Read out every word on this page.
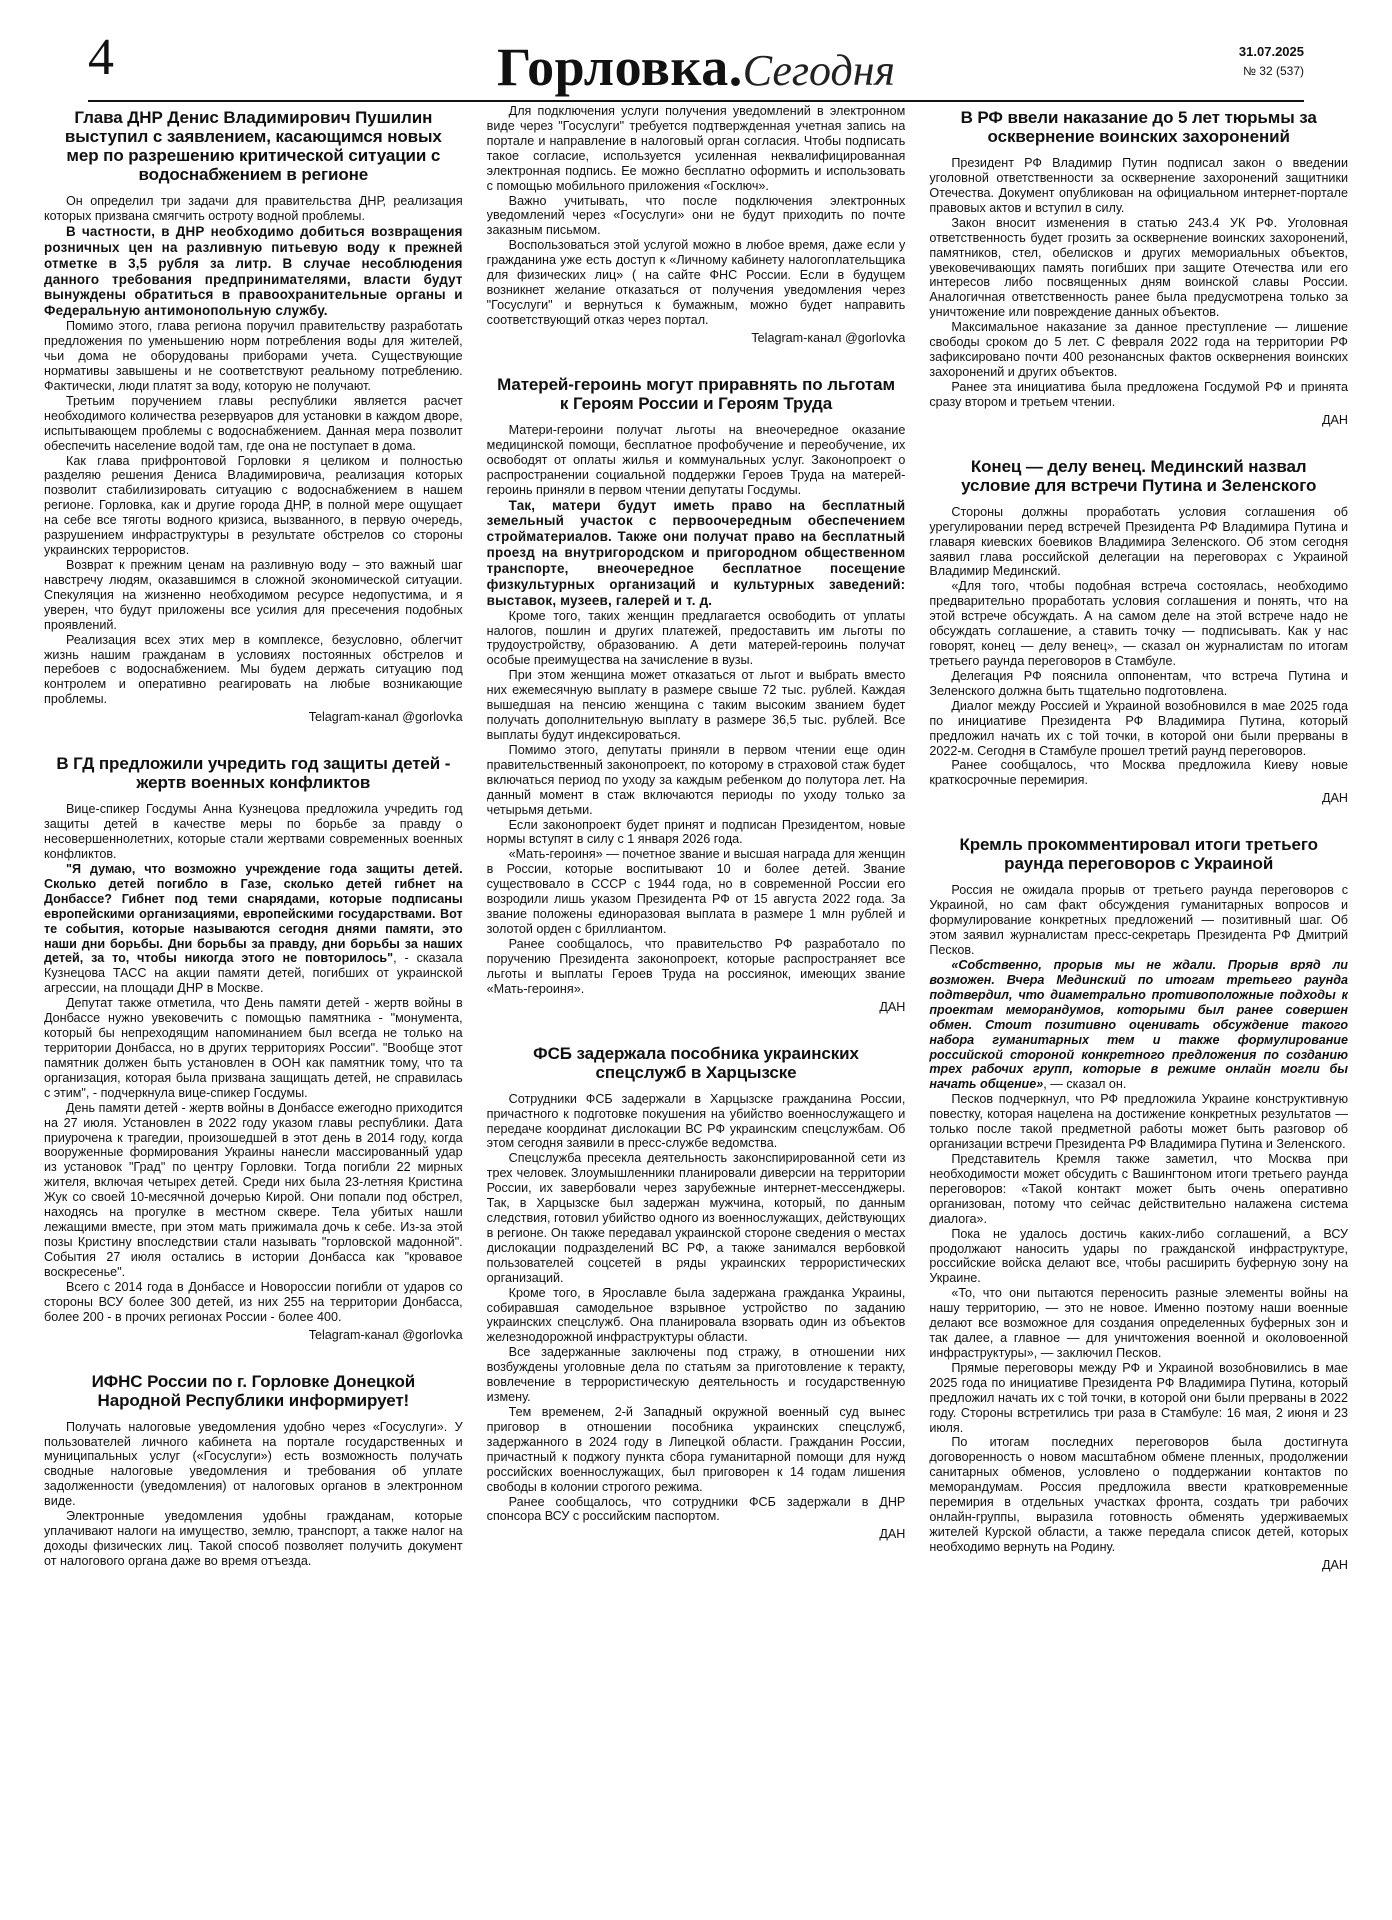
4	Горловка.Сегодня	31.07.2025
№ 32 (537)
Глава ДНР Денис Владимирович Пушилин выступил с заявлением, касающимся новых мер по разрешению критической ситуации с водоснабжением в регионе

Он определил три задачи для правительства ДНР, реализация которых призвана смягчить остроту водной проблемы.

В частности, в ДНР необходимо добиться возвращения розничных цен на разливную питьевую воду к прежней отметке в 3,5 рубля за литр. В случае несоблюдения данного требования предпринимателями, власти будут вынуждены обратиться в правоохранительные органы и Федеральную антимонопольную службу.

Помимо этого, глава региона поручил правительству разработать предложения по уменьшению норм потребления воды для жителей, чьи дома не оборудованы приборами учета. Существующие нормативы завышены и не соответствуют реальному потреблению. Фактически, люди платят за воду, которую не получают.

Третьим поручением главы республики является расчет необходимого количества резервуаров для установки в каждом дворе, испытывающем проблемы с водоснабжением. Данная мера позволит обеспечить население водой там, где она не поступает в дома.

Как глава прифронтовой Горловки я целиком и полностью разделяю решения Дениса Владимировича, реализация которых позволит стабилизировать ситуацию с водоснабжением в нашем регионе. Горловка, как и другие города ДНР, в полной мере ощущает на себе все тяготы водного кризиса, вызванного, в первую очередь, разрушением инфраструктуры в результате обстрелов со стороны украинских террористов.

Возврат к прежним ценам на разливную воду – это важный шаг навстречу людям, оказавшимся в сложной экономической ситуации. Спекуляция на жизненно необходимом ресурсе недопустима, и я уверен, что будут приложены все усилия для пресечения подобных проявлений.

Реализация всех этих мер в комплексе, безусловно, облегчит жизнь нашим гражданам в условиях постоянных обстрелов и перебоев с водоснабжением. Мы будем держать ситуацию под контролем и оперативно реагировать на любые возникающие проблемы.

Telagram-канал @gorlovka
В ГД предложили учредить год защиты детей - жертв военных конфликтов

Вице-спикер Госдумы Анна Кузнецова предложила учредить год защиты детей в качестве меры по борьбе за правду о несовершеннолетних, которые стали жертвами современных военных конфликтов.

"Я думаю, что возможно учреждение года защиты детей. Сколько детей погибло в Газе, сколько детей гибнет на Донбассе? Гибнет под теми снарядами, которые подписаны европейскими организациями, европейскими государствами. Вот те события, которые называются сегодня днями памяти, это наши дни борьбы. Дни борьбы за правду, дни борьбы за наших детей, за то, чтобы никогда этого не повторилось", - сказала Кузнецова ТАСС на акции памяти детей, погибших от украинской агрессии, на площади ДНР в Москве.

Депутат также отметила, что День памяти детей - жертв войны в Донбассе нужно увековечить с помощью памятника - "монумента, который бы непреходящим напоминанием был всегда не только на территории Донбасса, но в других территориях России". "Вообще этот памятник должен быть установлен в ООН как памятник тому, что та организация, которая была призвана защищать детей, не справилась с этим", - подчеркнула вице-спикер Госдумы.

День памяти детей - жертв войны в Донбассе ежегодно приходится на 27 июля. Установлен в 2022 году указом главы республики. Дата приурочена к трагедии, произошедшей в этот день в 2014 году, когда вооруженные формирования Украины нанесли массированный удар из установок "Град" по центру Горловки. Тогда погибли 22 мирных жителя, включая четырех детей. Среди них была 23-летняя Кристина Жук со своей 10-месячной дочерью Кирой. Они попали под обстрел, находясь на прогулке в местном сквере. Тела убитых нашли лежащими вместе, при этом мать прижимала дочь к себе. Из-за этой позы Кристину впоследствии стали называть "горловской мадонной". События 27 июля остались в истории Донбасса как "кровавое воскресенье".

Всего с 2014 года в Донбассе и Новороссии погибли от ударов со стороны ВСУ более 300 детей, из них 255 на территории Донбасса, более 200 - в прочих регионах России - более 400.

Telagram-канал @gorlovka
ИФНС России по г. Горловке Донецкой Народной Республики информирует!

Получать налоговые уведомления удобно через «Госуслуги». У пользователей личного кабинета на портале государственных и муниципальных услуг («Госуслуги») есть возможность получать сводные налоговые уведомления и требования об уплате задолженности (уведомления) от налоговых органов в электронном виде.

Электронные уведомления удобны гражданам, которые уплачивают налоги на имущество, землю, транспорт, а также налог на доходы физических лиц. Такой способ позволяет получить документ от налогового органа даже во время отъезда.

Для подключения услуги получения уведомлений в электронном виде через "Госуслуги" требуется подтвержденная учетная запись на портале и направление в налоговый орган согласия. Чтобы подписать такое согласие, используется усиленная неквалифицированная электронная подпись. Ее можно бесплатно оформить и использовать с помощью мобильного приложения «Госключ».

Важно учитывать, что после подключения электронных уведомлений через «Госуслуги» они не будут приходить по почте заказным письмом.

Воспользоваться этой услугой можно в любое время, даже если у гражданина уже есть доступ к «Личному кабинету налогоплательщика для физических лиц» ( на сайте ФНС России. Если в будущем возникнет желание отказаться от получения уведомления через "Госуслуги" и вернуться к бумажным, можно будет направить соответствующий отказ через портал.

Telagram-канал @gorlovka
Матерей-героинь могут приравнять по льготам к Героям России и Героям Труда

Матери-героини получат льготы на внеочередное оказание медицинской помощи, бесплатное профобучение и переобучение, их освободят от оплаты жилья и коммунальных услуг. Законопроект о распространении социальной поддержки Героев Труда на матерей-героинь приняли в первом чтении депутаты Госдумы.

Так, матери будут иметь право на бесплатный земельный участок с первоочередным обеспечением стройматериалов. Также они получат право на бесплатный проезд на внутригородском и пригородном общественном транспорте, внеочередное бесплатное посещение физкультурных организаций и культурных заведений: выставок, музеев, галерей и т. д.

Кроме того, таких женщин предлагается освободить от уплаты налогов, пошлин и других платежей, предоставить им льготы по трудоустройству, образованию. А дети матерей-героинь получат особые преимущества на зачисление в вузы.

При этом женщина может отказаться от льгот и выбрать вместо них ежемесячную выплату в размере свыше 72 тыс. рублей. Каждая вышедшая на пенсию женщина с таким высоким званием будет получать дополнительную выплату в размере 36,5 тыс. рублей. Все выплаты будут индексироваться.

Помимо этого, депутаты приняли в первом чтении еще один правительственный законопроект, по которому в страховой стаж будет включаться период по уходу за каждым ребенком до полутора лет. На данный момент в стаж включаются периоды по уходу только за четырьмя детьми.

Если законопроект будет принят и подписан Президентом, новые нормы вступят в силу с 1 января 2026 года.

«Мать-героиня» — почетное звание и высшая награда для женщин в России, которые воспитывают 10 и более детей. Звание существовало в СССР с 1944 года, но в современной России его возродили лишь указом Президента РФ от 15 августа 2022 года. За звание положены единоразовая выплата в размере 1 млн рублей и золотой орден с бриллиантом.

Ранее сообщалось, что правительство РФ разработало по поручению Президента законопроект, которые распространяет все льготы и выплаты Героев Труда на россиянок, имеющих звание «Мать-героиня».

ДАН
ФСБ задержала пособника украинских спецслужб в Харцызске

Сотрудники ФСБ задержали в Харцызске гражданина России, причастного к подготовке покушения на убийство военнослужащего и передаче координат дислокации ВС РФ украинским спецслужбам. Об этом сегодня заявили в пресс-службе ведомства.

Спецслужба пресекла деятельность законспирированной сети из трех человек. Злоумышленники планировали диверсии на территории России, их завербовали через зарубежные интернет-мессенджеры. Так, в Харцызске был задержан мужчина, который, по данным следствия, готовил убийство одного из военнослужащих, действующих в регионе. Он также передавал украинской стороне сведения о местах дислокации подразделений ВС РФ, а также занимался вербовкой пользователей соцсетей в ряды украинских террористических организаций.

Кроме того, в Ярославле была задержана гражданка Украины, собиравшая самодельное взрывное устройство по заданию украинских спецслужб. Она планировала взорвать один из объектов железнодорожной инфраструктуры области.

Все задержанные заключены под стражу, в отношении них возбуждены уголовные дела по статьям за приготовление к теракту, вовлечение в террористическую деятельность и государственную измену.

Тем временем, 2-й Западный окружной военный суд вынес приговор в отношении пособника украинских спецслужб, задержанного в 2024 году в Липецкой области. Гражданин России, причастный к поджогу пункта сбора гуманитарной помощи для нужд российских военнослужащих, был приговорен к 14 годам лишения свободы в колонии строгого режима.

Ранее сообщалось, что сотрудники ФСБ задержали в ДНР спонсора ВСУ с российским паспортом.

ДАН
В РФ ввели наказание до 5 лет тюрьмы за осквернение воинских захоронений

Президент РФ Владимир Путин подписал закон о введении уголовной ответственности за осквернение захоронений защитники Отечества. Документ опубликован на официальном интернет-портале правовых актов и вступил в силу.

Закон вносит изменения в статью 243.4 УК РФ. Уголовная ответственность будет грозить за осквернение воинских захоронений, памятников, стел, обелисков и других мемориальных объектов, увековечивающих память погибших при защите Отечества или его интересов либо посвященных дням воинской славы России. Аналогичная ответственность ранее была предусмотрена только за уничтожение или повреждение данных объектов.

Максимальное наказание за данное преступление — лишение свободы сроком до 5 лет. С февраля 2022 года на территории РФ зафиксировано почти 400 резонансных фактов осквернения воинских захоронений и других объектов.

Ранее эта инициатива была предложена Госдумой РФ и принята сразу втором и третьем чтении.

ДАН
Конец — делу венец. Мединский назвал условие для встречи Путина и Зеленского

Стороны должны проработать условия соглашения об урегулировании перед встречей Президента РФ Владимира Путина и главаря киевских боевиков Владимира Зеленского. Об этом сегодня заявил глава российской делегации на переговорах с Украиной Владимир Мединский.

«Для того, чтобы подобная встреча состоялась, необходимо предварительно проработать условия соглашения и понять, что на этой встрече обсуждать. А на самом деле на этой встрече надо не обсуждать соглашение, а ставить точку — подписывать. Как у нас говорят, конец — делу венец», — сказал он журналистам по итогам третьего раунда переговоров в Стамбуле.

Делегация РФ пояснила оппонентам, что встреча Путина и Зеленского должна быть тщательно подготовлена.

Диалог между Россией и Украиной возобновился в мае 2025 года по инициативе Президента РФ Владимира Путина, который предложил начать их с той точки, в которой они были прерваны в 2022-м. Сегодня в Стамбуле прошел третий раунд переговоров.

Ранее сообщалось, что Москва предложила Киеву новые краткосрочные перемирия.

ДАН
Кремль прокомментировал итоги третьего раунда переговоров с Украиной

Россия не ожидала прорыв от третьего раунда переговоров с Украиной, но сам факт обсуждения гуманитарных вопросов и формулирование конкретных предложений — позитивный шаг. Об этом заявил журналистам пресс-секретарь Президента РФ Дмитрий Песков.

«Собственно, прорыв мы не ждали. Прорыв вряд ли возможен. Вчера Мединский по итогам третьего раунда подтвердил, что диаметрально противоположные подходы к проектам меморандумов, которыми был ранее совершен обмен. Стоит позитивно оценивать обсуждение такого набора гуманитарных тем и также формулирование российской стороной конкретного предложения по созданию трех рабочих групп, которые в режиме онлайн могли бы начать общение», — сказал он.

Песков подчеркнул, что РФ предложила Украине конструктивную повестку, которая нацелена на достижение конкретных результатов — только после такой предметной работы может быть разговор об организации встречи Президента РФ Владимира Путина и Зеленского.

Представитель Кремля также заметил, что Москва при необходимости может обсудить с Вашингтоном итоги третьего раунда переговоров: «Такой контакт может быть очень оперативно организован, потому что сейчас действительно налажена система диалога».

Пока не удалось достичь каких-либо соглашений, а ВСУ продолжают наносить удары по гражданской инфраструктуре, российские войска делают все, чтобы расширить буферную зону на Украине.

«То, что они пытаются переносить разные элементы войны на нашу территорию, — это не новое. Именно поэтому наши военные делают все возможное для создания определенных буферных зон и так далее, а главное — для уничтожения военной и околовоенной инфраструктуры», — заключил Песков.

Прямые переговоры между РФ и Украиной возобновились в мае 2025 года по инициативе Президента РФ Владимира Путина, который предложил начать их с той точки, в которой они были прерваны в 2022 году. Стороны встретились три раза в Стамбуле: 16 мая, 2 июня и 23 июля.

По итогам последних переговоров была достигнута договоренность о новом масштабном обмене пленных, продолжении санитарных обменов, условлено о поддержании контактов по меморандумам. Россия предложила ввести кратковременные перемирия в отдельных участках фронта, создать три рабочих онлайн-группы, выразила готовность обменять удерживаемых жителей Курской области, а также передала список детей, которых необходимо вернуть на Родину.

ДАН
